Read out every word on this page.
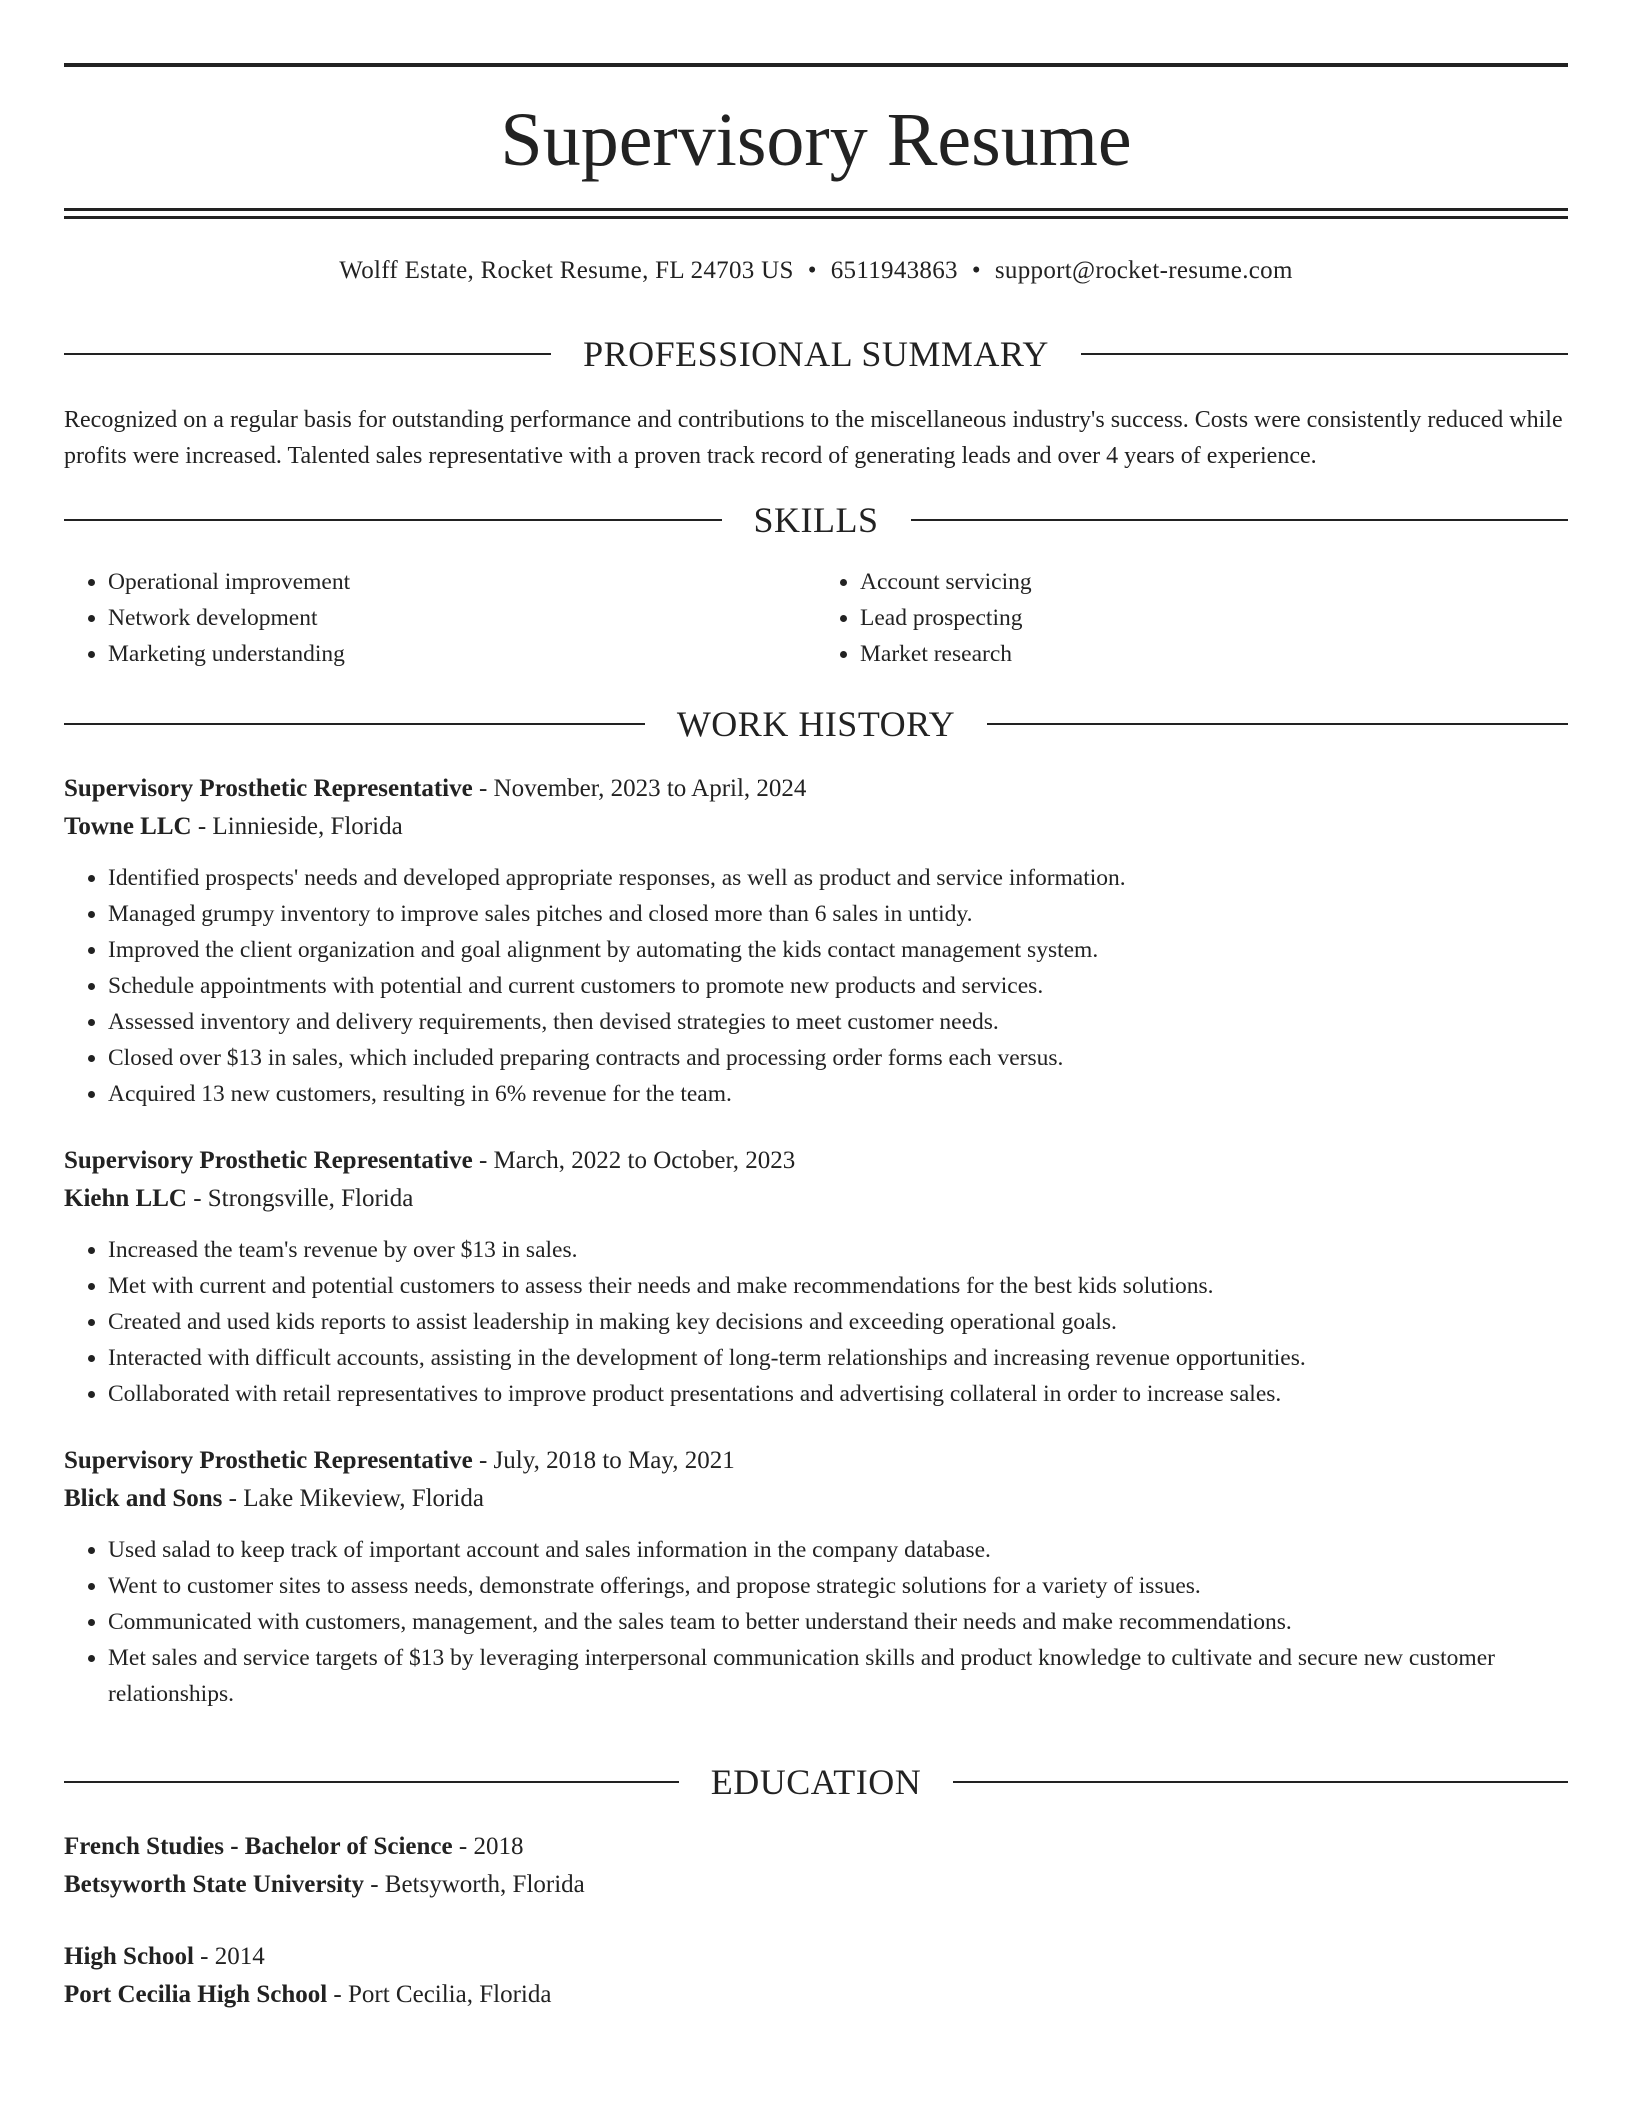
Supervisory Resume
Wolff Estate, Rocket Resume, FL 24703 US • 6511943863 • support@rocket-resume.com
PROFESSIONAL SUMMARY

Recognized on a regular basis for outstanding performance and contributions to the miscellaneous industry's success. Costs were consistently reduced while profits were increased. Talented sales representative with a proven track record of generating leads and over 4 years of experience.

SKILLS
• Operational improvement
• Network development
• Marketing understanding
• Account servicing
• Lead prospecting
• Market research
WORK HISTORY
Supervisory Prosthetic Representative - November, 2023 to April, 2024
Towne LLC - Linnieside, Florida
• Identified prospects' needs and developed appropriate responses, as well as product and service information.
• Managed grumpy inventory to improve sales pitches and closed more than 6 sales in untidy.
• Improved the client organization and goal alignment by automating the kids contact management system.
• Schedule appointments with potential and current customers to promote new products and services.
• Assessed inventory and delivery requirements, then devised strategies to meet customer needs.
• Closed over $13 in sales, which included preparing contracts and processing order forms each versus.
• Acquired 13 new customers, resulting in 6% revenue for the team.
Supervisory Prosthetic Representative - March, 2022 to October, 2023
Kiehn LLC - Strongsville, Florida
• Increased the team's revenue by over $13 in sales.
• Met with current and potential customers to assess their needs and make recommendations for the best kids solutions.
• Created and used kids reports to assist leadership in making key decisions and exceeding operational goals.
• Interacted with difficult accounts, assisting in the development of long-term relationships and increasing revenue opportunities.
• Collaborated with retail representatives to improve product presentations and advertising collateral in order to increase sales.
Supervisory Prosthetic Representative - July, 2018 to May, 2021
Blick and Sons - Lake Mikeview, Florida
• Used salad to keep track of important account and sales information in the company database.
• Went to customer sites to assess needs, demonstrate offerings, and propose strategic solutions for a variety of issues.
• Communicated with customers, management, and the sales team to better understand their needs and make recommendations.
• Met sales and service targets of $13 by leveraging interpersonal communication skills and product knowledge to cultivate and secure new customer relationships.
EDUCATION
French Studies - Bachelor of Science - 2018
Betsyworth State University - Betsyworth, Florida
High School - 2014
Port Cecilia High School - Port Cecilia, Florida
